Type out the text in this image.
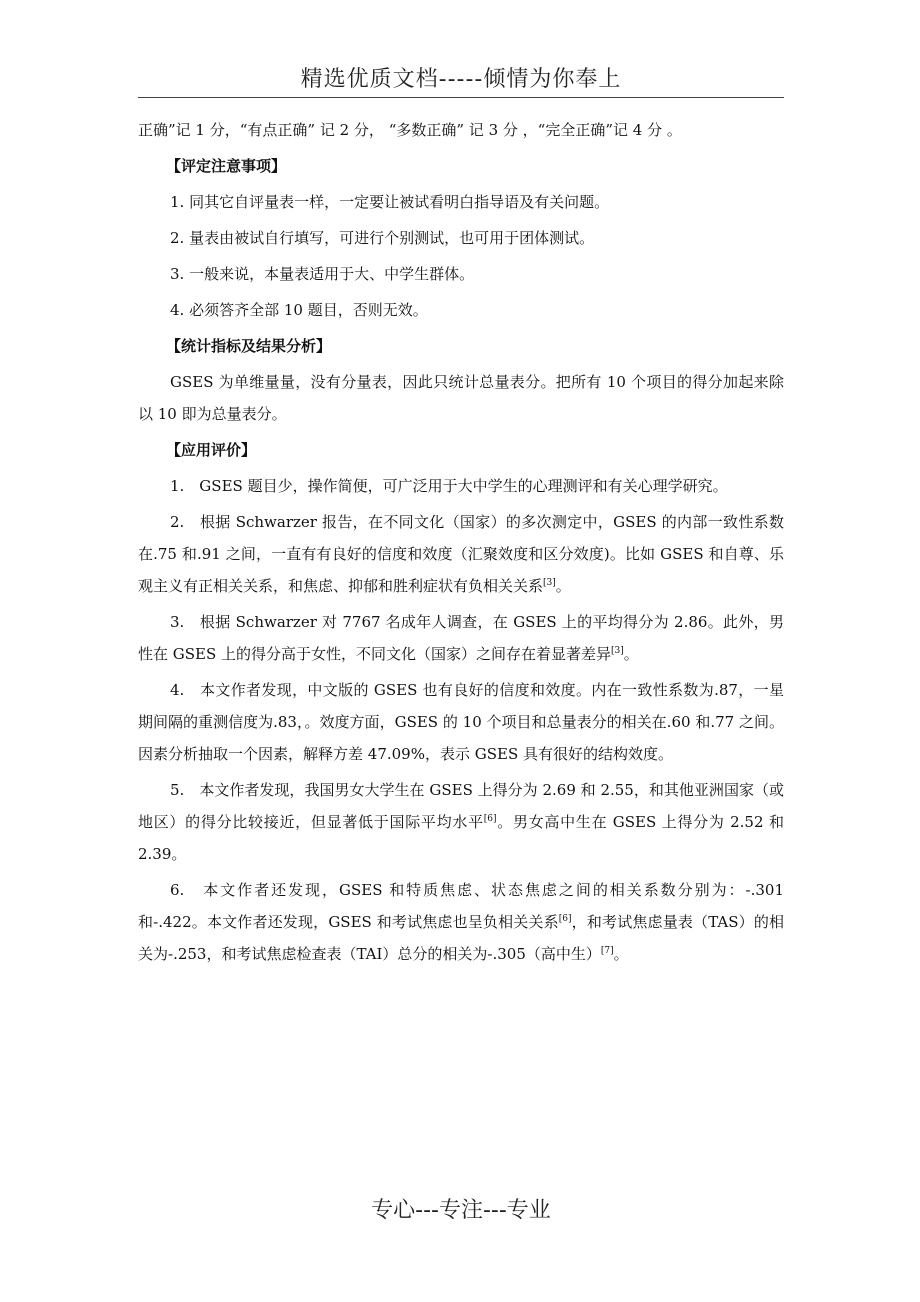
精选优质文档-----倾情为你奉上

正确”记 1 分，“有点正确” 记 2 分， “多数正确” 记 3 分 ，“完全正确”记 4 分 。

【评定注意事项】

1. 同其它自评量表一样，一定要让被试看明白指导语及有关问题。

2. 量表由被试自行填写，可进行个别测试，也可用于团体测试。

3. 一般来说，本量表适用于大、中学生群体。

4. 必须答齐全部 10 题目，否则无效。

【统计指标及结果分析】

GSES 为单维量量，没有分量表，因此只统计总量表分。把所有 10 个项目的得分加起来除以 10 即为总量表分。

【应用评价】

1.　GSES 题目少，操作简便，可广泛用于大中学生的心理测评和有关心理学研究。

2.　根据 Schwarzer 报告，在不同文化（国家）的多次测定中，GSES 的内部一致性系数在.75 和.91 之间，一直有有良好的信度和效度（汇聚效度和区分效度)。比如 GSES 和自尊、乐观主义有正相关关系，和焦虑、抑郁和胜利症状有负相关关系[3]。

3.　根据 Schwarzer 对 7767 名成年人调查，在 GSES 上的平均得分为 2.86。此外，男性在 GSES 上的得分高于女性，不同文化（国家）之间存在着显著差异[3]。

4.　本文作者发现，中文版的 GSES 也有良好的信度和效度。内在一致性系数为.87，一星期间隔的重测信度为.83，。效度方面，GSES 的 10 个项目和总量表分的相关在.60 和.77 之间。因素分析抽取一个因素，解释方差 47.09%，表示 GSES 具有很好的结构效度。

5.　本文作者发现，我国男女大学生在 GSES 上得分为 2.69 和 2.55，和其他亚洲国家（或地区）的得分比较接近，但显著低于国际平均水平[6]。男女高中生在 GSES 上得分为 2.52 和 2.39。

6.　本文作者还发现，GSES 和特质焦虑、状态焦虑之间的相关系数分别为：-.301 和-.422。本文作者还发现，GSES 和考试焦虑也呈负相关关系[6]，和考试焦虑量表（TAS）的相关为-.253，和考试焦虑检查表（TAI）总分的相关为-.305（高中生）[7]。

专心---专注---专业
